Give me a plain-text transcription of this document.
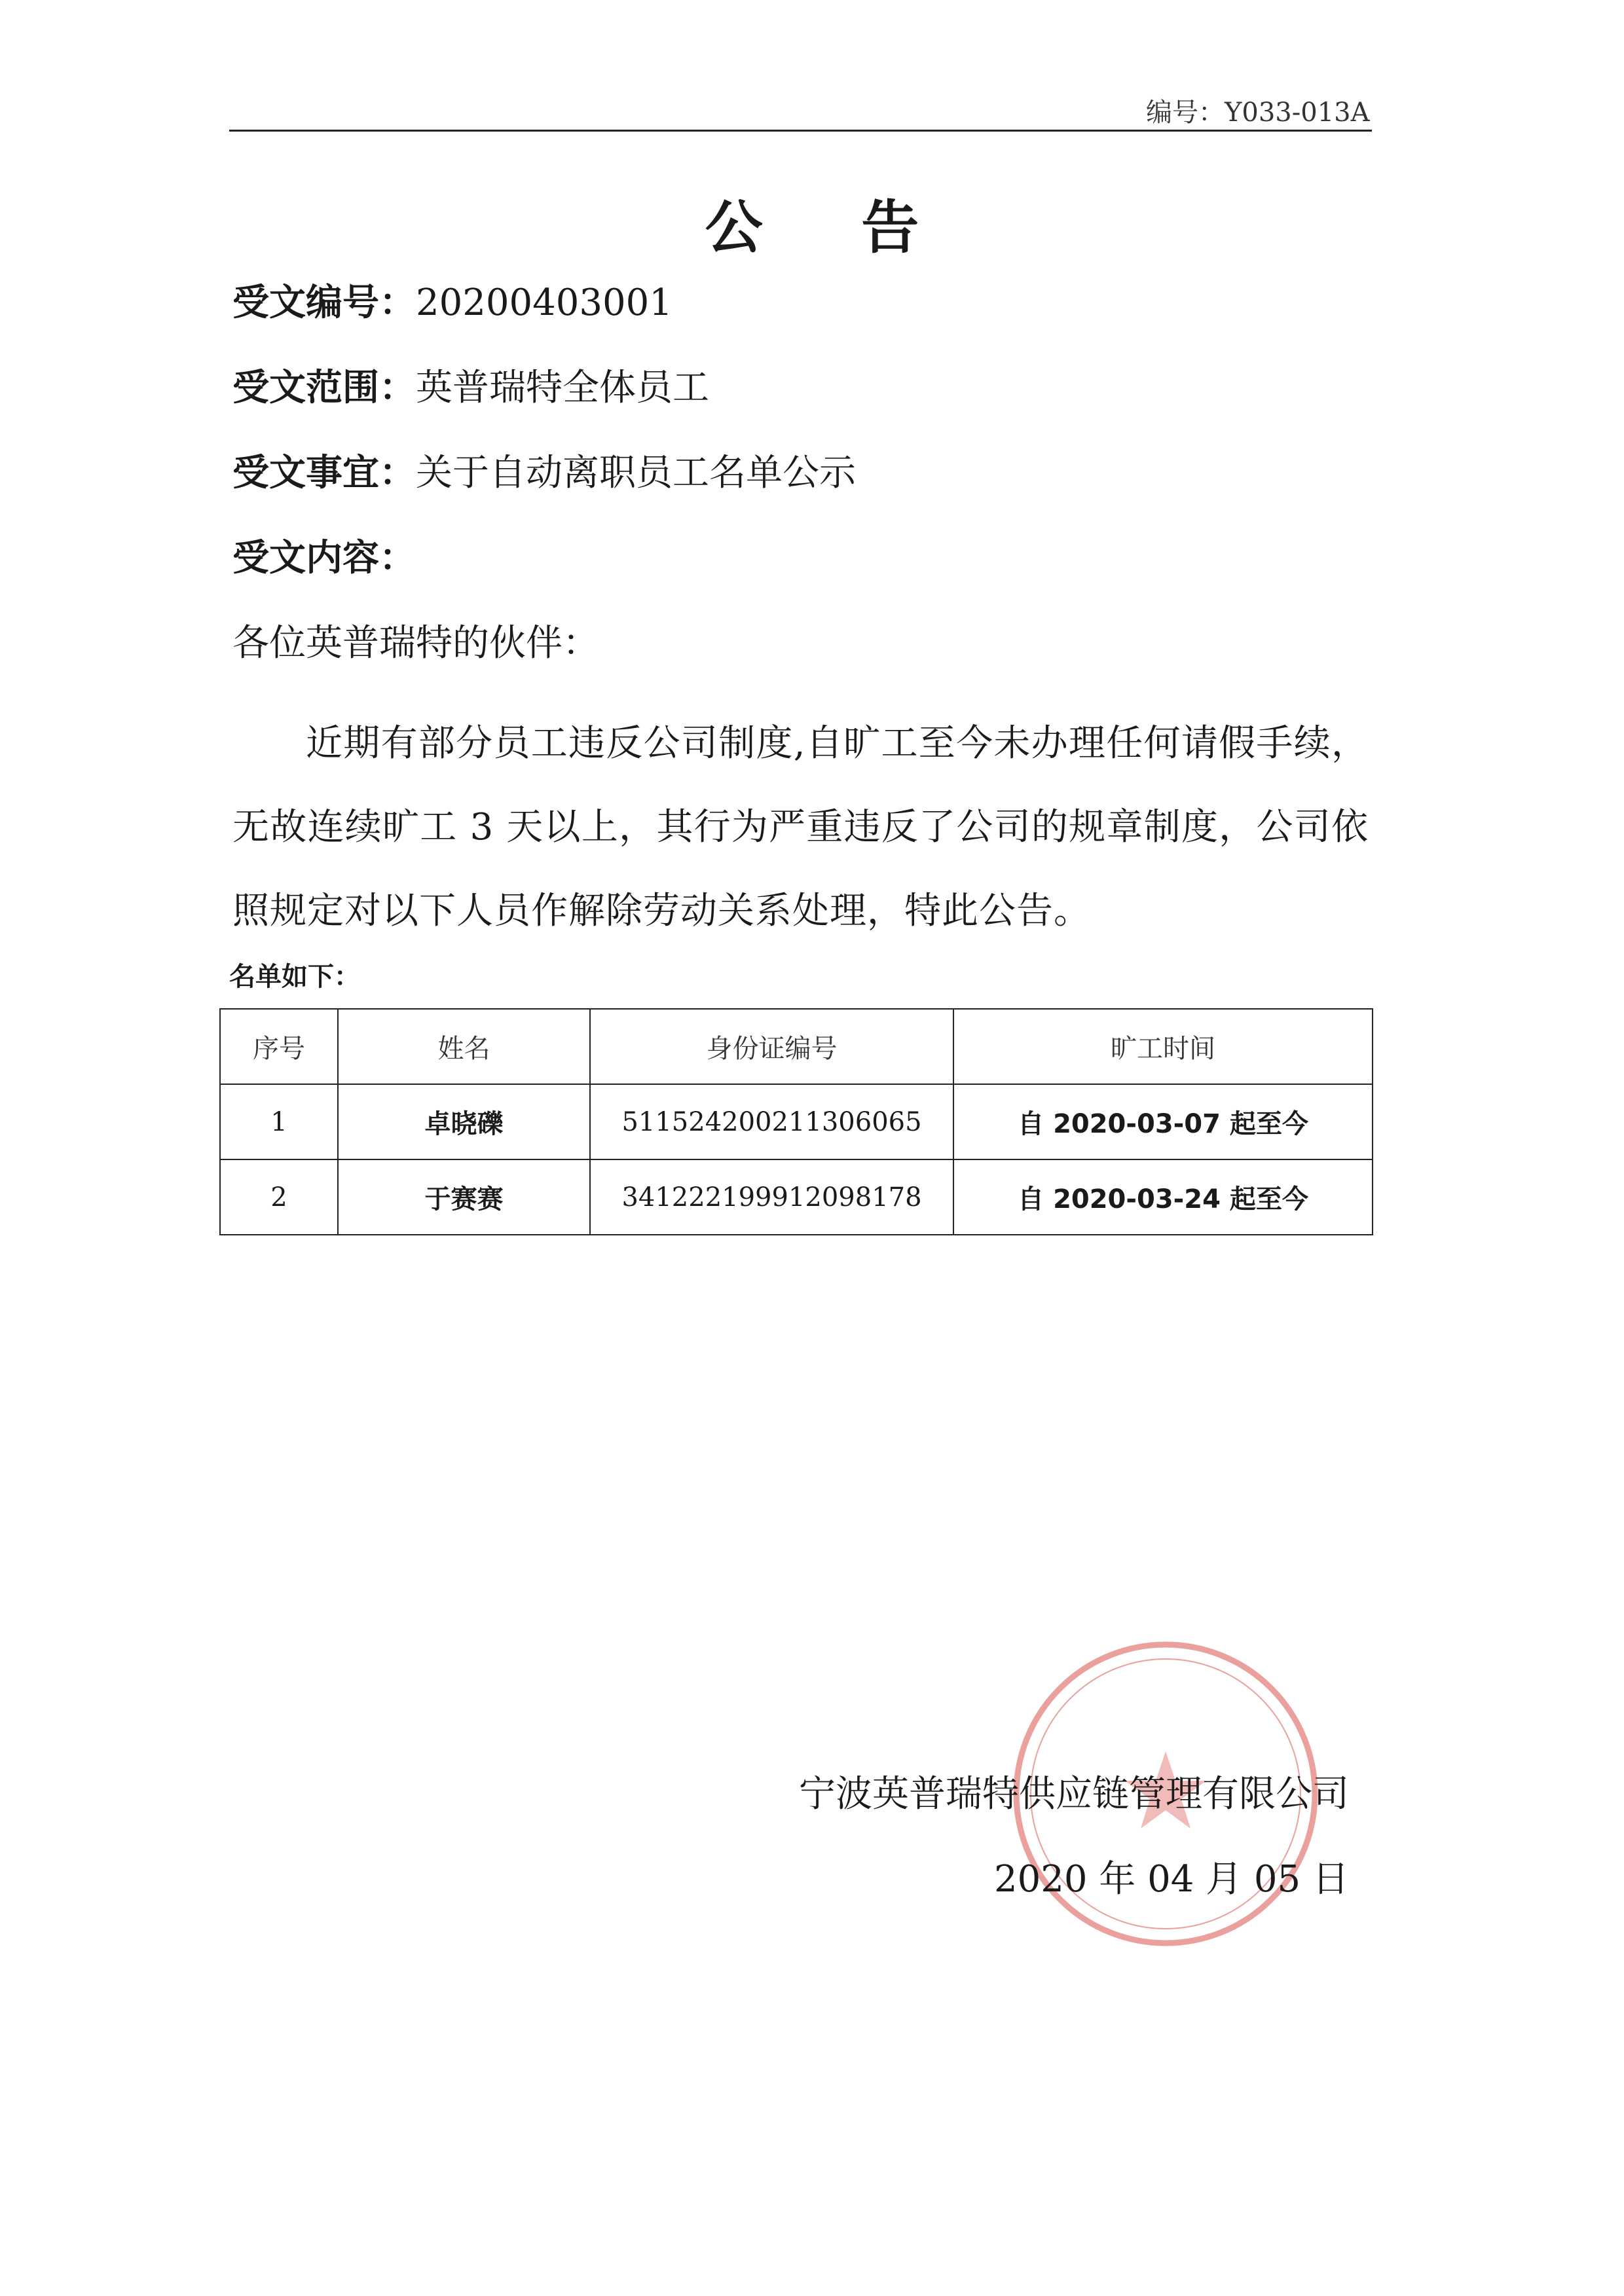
编号：Y033-013A
公 告
受文编号：20200403001
受文范围：英普瑞特全体员工
受文事宜：关于自动离职员工名单公示
受文内容：
各位英普瑞特的伙伴：
近期有部分员工违反公司制度,自旷工至今未办理任何请假手续，无故连续旷工 3 天以上，其行为严重违反了公司的规章制度，公司依照规定对以下人员作解除劳动关系处理，特此公告。
名单如下：
序号	姓名	身份证编号	旷工时间
1	卓晓礫	511524200211306065	自 2020-03-07 起至今
2	于赛赛	341222199912098178	自 2020-03-24 起至今
宁波英普瑞特供应链管理有限公司
2020 年 04 月 05 日
